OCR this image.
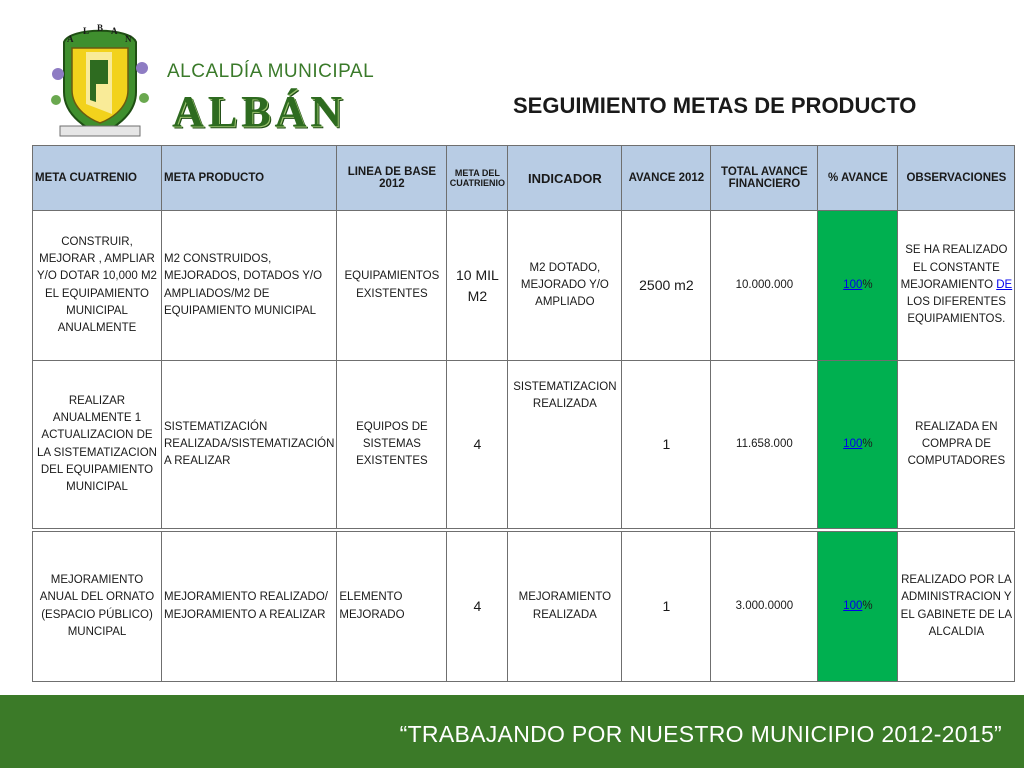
A
L B A
N
ALCALDÍA MUNICIPAL
ALBÁN	SEGUIMIENTO METAS DE PRODUCTO
META CUATRENIO	META PRODUCTO	LINEA DE BASE 2012	META DEL CUATRIENIO	INDICADOR	AVANCE 2012	TOTAL AVANCE FINANCIERO	% AVANCE	OBSERVACIONES
CONSTRUIR, MEJORAR , AMPLIAR Y/O DOTAR 10,000 M2 EL EQUIPAMIENTO MUNICIPAL ANUALMENTE	M2 CONSTRUIDOS, MEJORADOS, DOTADOS Y/O AMPLIADOS/M2 DE EQUIPAMIENTO MUNICIPAL	EQUIPAMIENTOS EXISTENTES	10 MIL M2	M2 DOTADO, MEJORADO Y/O AMPLIADO	2500 m2	10.000.000	100%	SE HA REALIZADO EL CONSTANTE MEJORAMIENTO DE LOS DIFERENTES EQUIPAMIENTOS.
REALIZAR ANUALMENTE 1 ACTUALIZACION DE LA SISTEMATIZACION DEL EQUIPAMIENTO MUNICIPAL	SISTEMATIZACIÓN REALIZADA/SISTEMATIZACIÓN A REALIZAR	EQUIPOS DE SISTEMAS EXISTENTES	4	SISTEMATIZACION REALIZADA	1	11.658.000	100%	REALIZADA EN COMPRA DE COMPUTADORES

MEJORAMIENTO ANUAL DEL ORNATO (ESPACIO PÚBLICO) MUNCIPAL	MEJORAMIENTO REALIZADO/ MEJORAMIENTO A REALIZAR	ELEMENTO MEJORADO	4	MEJORAMIENTO REALIZADA	1	3.000.0000	100%	REALIZADO POR LA ADMINISTRACION Y EL GABINETE DE LA ALCALDIA
“TRABAJANDO POR NUESTRO MUNICIPIO 2012-2015”
